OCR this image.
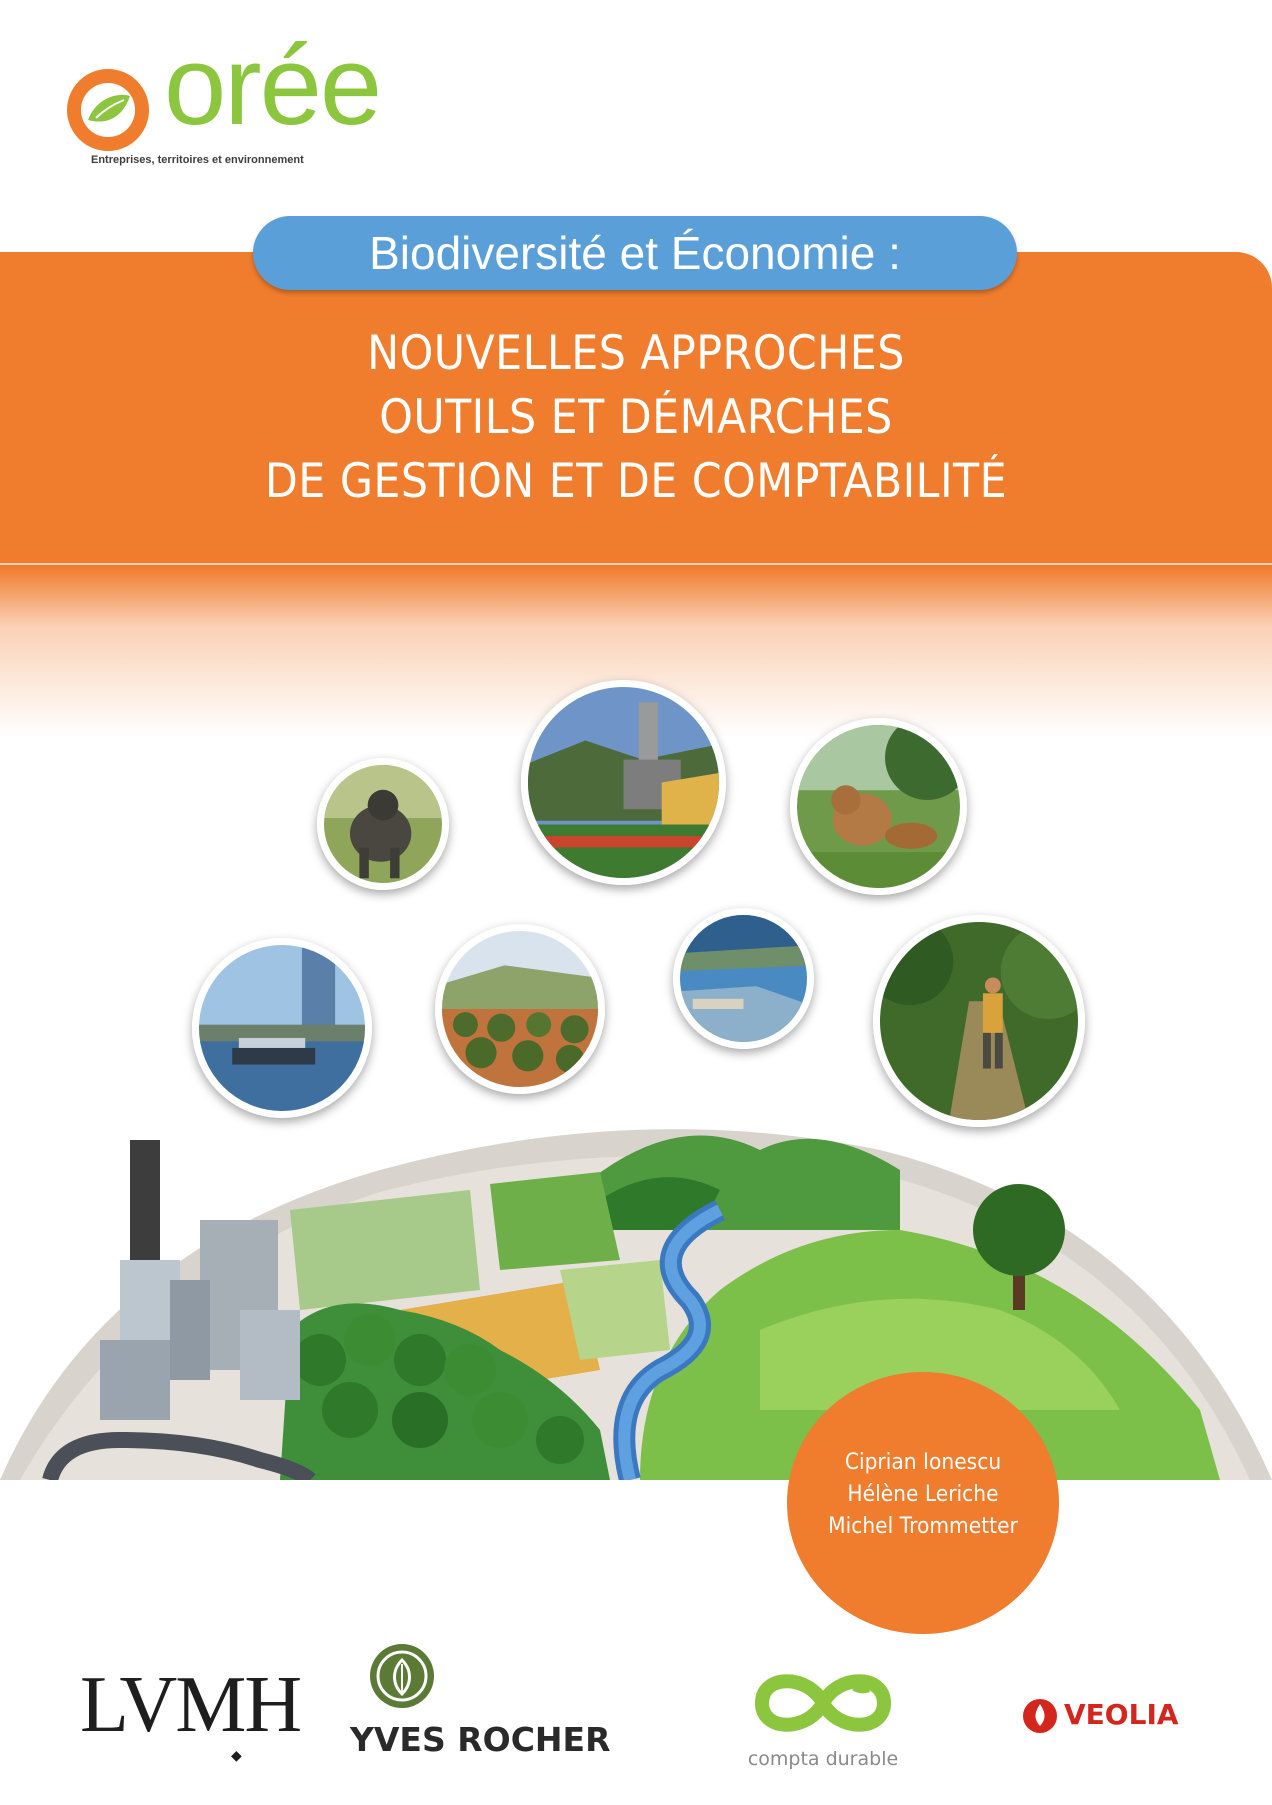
orée
Entreprises, territoires et environnement
Biodiversité et Économie :
NOUVELLES APPROCHES
OUTILS ET DÉMARCHES
DE GESTION ET DE COMPTABILITÉ
Ciprian Ionescu
Hélène Leriche
Michel Trommetter
LVMH
◆	YVES ROCHER	compta durable
VEOLIA
